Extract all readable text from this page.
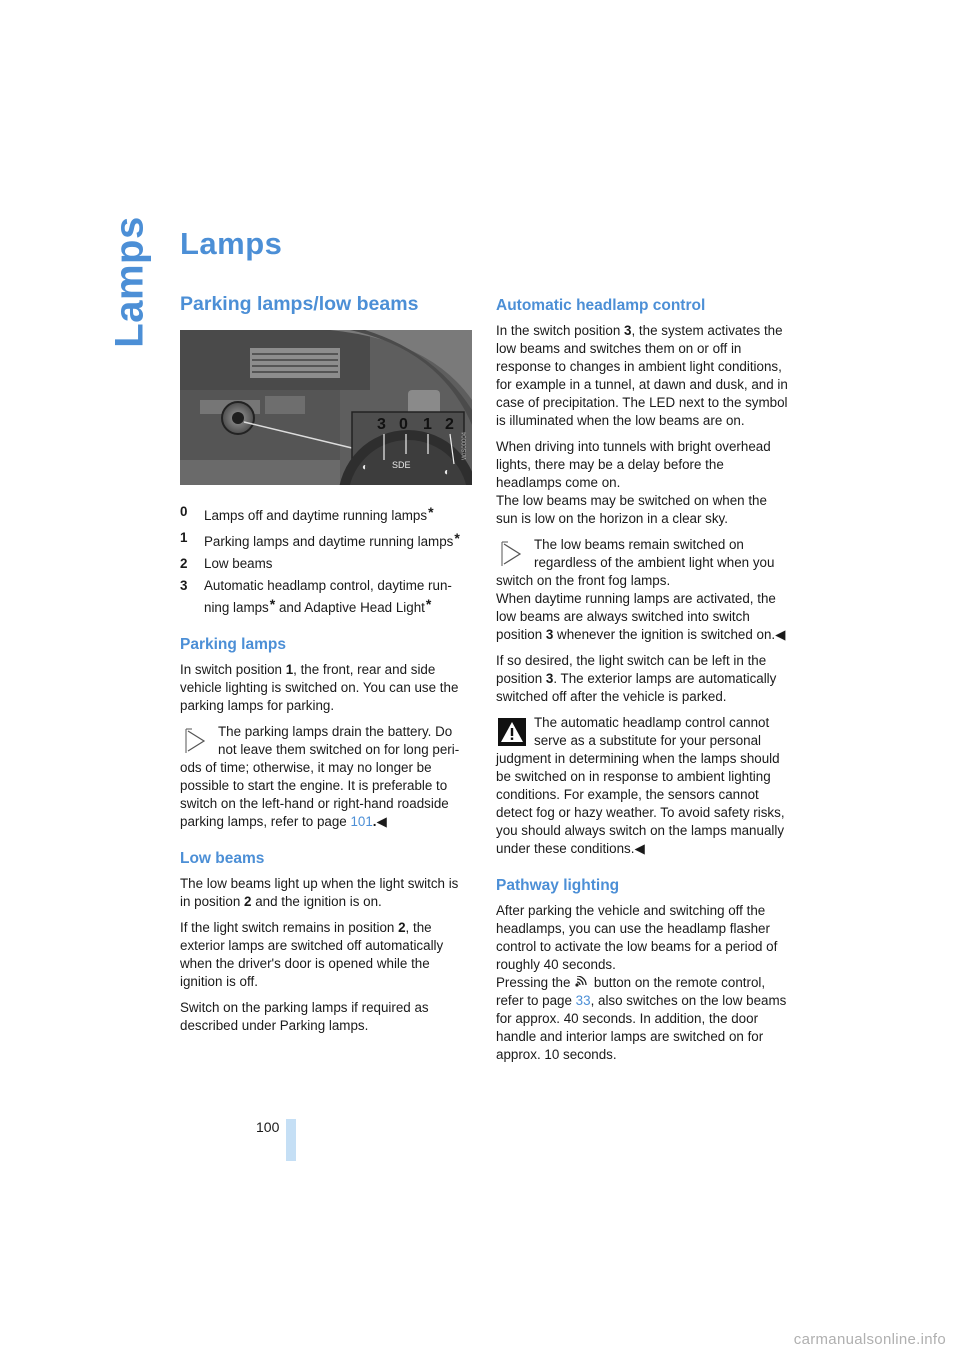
Lamps Lamps
Parking lamps/low beams
SDE
◐	◐
3 0 1 2
W/S00004
0	Lamps off and daytime running lamps*
1	Parking lamps and daytime running lamps*
2	Low beams
3	Automatic headlamp control, daytime run- ning lamps* and Adaptive Head Light*
Parking lamps

In switch position 1, the front, rear and side vehicle lighting is switched on. You can use the parking lamps for parking.

The parking lamps drain the battery. Do
not leave them switched on for long peri-
ods of time; otherwise, it may no longer be possible to start the engine. It is preferable to switch on the left-hand or right-hand roadside parking lamps, refer to page 101.◀
Low beams

The low beams light up when the light switch is in position 2 and the ignition is on.

If the light switch remains in position 2, the exterior lamps are switched off automatically when the driver's door is opened while the ignition is off.

Switch on the parking lamps if required as described under Parking lamps.

Automatic headlamp control

In the switch position 3, the system activates the low beams and switches them on or off in response to changes in ambient light conditions, for example in a tunnel, at dawn and dusk, and in case of precipitation. The LED next to the symbol is illuminated when the low beams are on.

When driving into tunnels with bright overhead lights, there may be a delay before the headlamps come on.

The low beams may be switched on when the sun is low on the horizon in a clear sky.

The low beams remain switched on
regardless of the ambient light when you
switch on the front fog lamps.
When daytime running lamps are activated, the low beams are always switched into switch position 3 whenever the ignition is switched on.◀

If so desired, the light switch can be left in the position 3. The exterior lamps are automatically switched off after the vehicle is parked.

The automatic headlamp control cannot
serve as a substitute for your personal
judgment in determining when the lamps should be switched on in response to ambient lighting conditions. For example, the sensors cannot detect fog or hazy weather. To avoid safety risks, you should always switch on the lamps manually under these conditions.◀
Pathway lighting

After parking the vehicle and switching off the headlamps, you can use the headlamp flasher control to activate the low beams for a period of roughly 40 seconds.

Pressing the  button on the remote control, refer to page 33, also switches on the low beams for approx. 40 seconds. In addition, the door handle and interior lamps are switched on for approx. 10 seconds.

100
carmanualsonline.info
